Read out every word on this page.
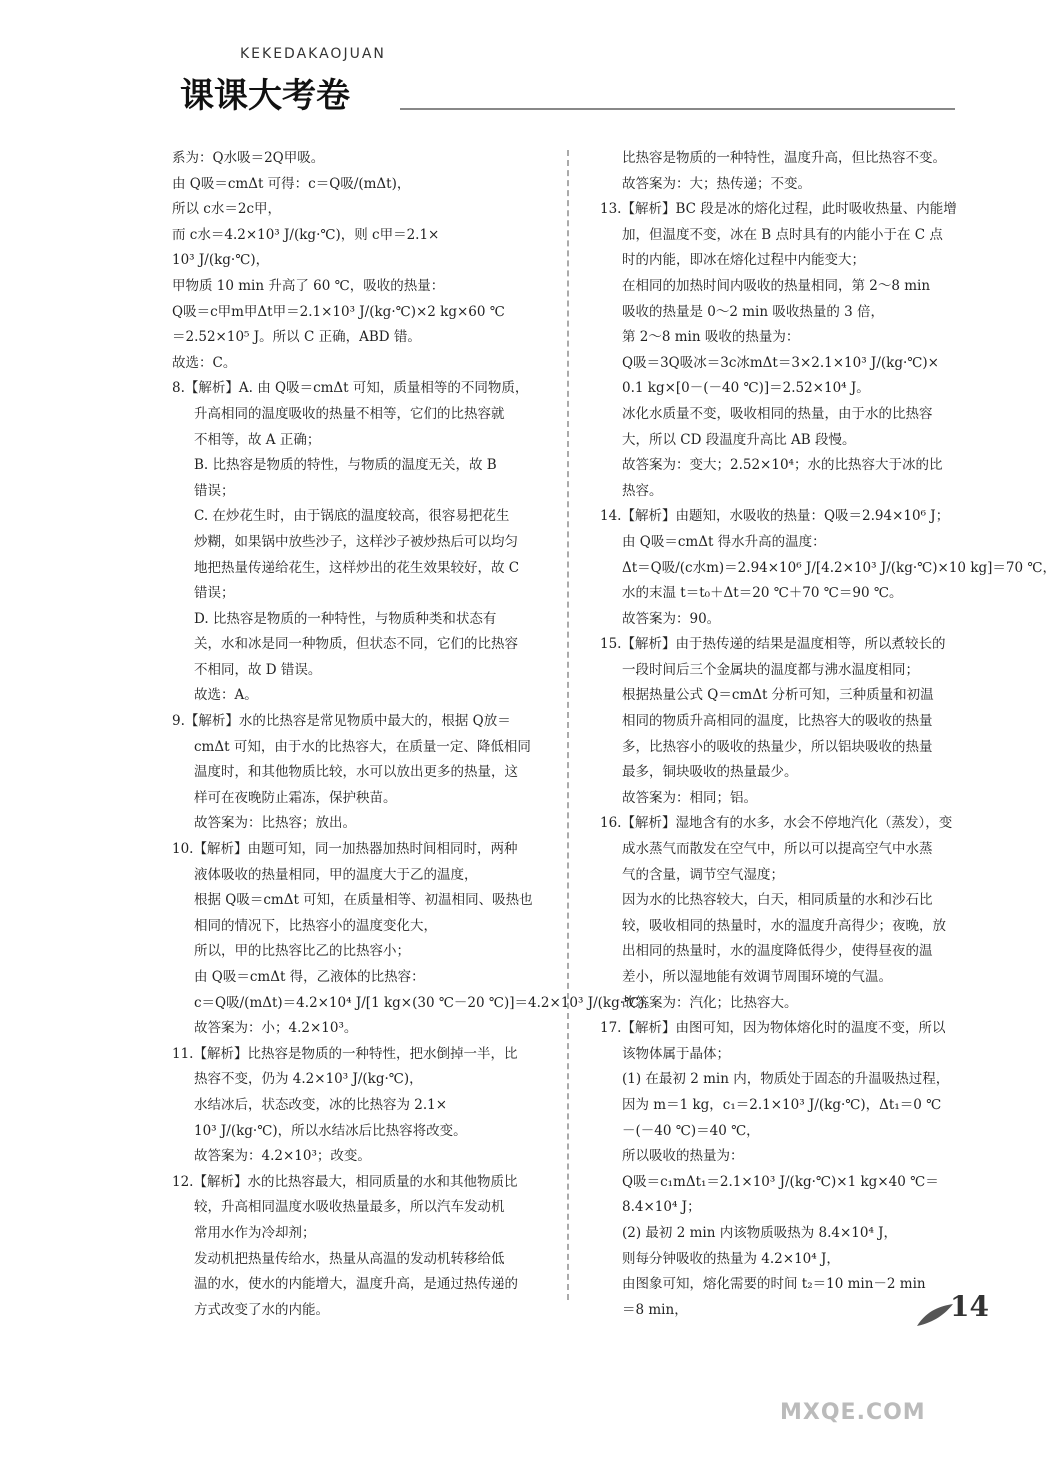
KEKEDAKAOJUAN
课课大考卷
系为：Q水吸＝2Q甲吸。
由 Q吸＝cmΔt 可得：c＝Q吸/(mΔt)，
所以 c水＝2c甲，
而 c水＝4.2×10³ J/(kg·℃)，则 c甲＝2.1×
10³ J/(kg·℃)，
甲物质 10 min 升高了 60 ℃，吸收的热量：
Q吸＝c甲m甲Δt甲＝2.1×10³ J/(kg·℃)×2 kg×60 ℃
＝2.52×10⁵ J。所以 C 正确，ABD 错。
故选：C。
8.【解析】A. 由 Q吸＝cmΔt 可知，质量相等的不同物质，
升高相同的温度吸收的热量不相等，它们的比热容就
不相等，故 A 正确；
B. 比热容是物质的特性，与物质的温度无关，故 B
错误；
C. 在炒花生时，由于锅底的温度较高，很容易把花生
炒糊，如果锅中放些沙子，这样沙子被炒热后可以均匀
地把热量传递给花生，这样炒出的花生效果较好，故 C
错误；
D. 比热容是物质的一种特性，与物质种类和状态有
关，水和冰是同一种物质，但状态不同，它们的比热容
不相同，故 D 错误。
故选：A。
9.【解析】水的比热容是常见物质中最大的，根据 Q放＝
cmΔt 可知，由于水的比热容大，在质量一定、降低相同
温度时，和其他物质比较，水可以放出更多的热量，这
样可在夜晚防止霜冻，保护秧苗。
故答案为：比热容；放出。
10.【解析】由题可知，同一加热器加热时间相同时，两种
液体吸收的热量相同，甲的温度大于乙的温度，
根据 Q吸＝cmΔt 可知，在质量相等、初温相同、吸热也
相同的情况下，比热容小的温度变化大，
所以，甲的比热容比乙的比热容小；
由 Q吸＝cmΔt 得，乙液体的比热容：
c＝Q吸/(mΔt)＝4.2×10⁴ J/[1 kg×(30 ℃－20 ℃)]＝4.2×10³ J/(kg·℃)。
故答案为：小；4.2×10³。
11.【解析】比热容是物质的一种特性，把水倒掉一半，比
热容不变，仍为 4.2×10³ J/(kg·℃)，
水结冰后，状态改变，冰的比热容为 2.1×
10³ J/(kg·℃)，所以水结冰后比热容将改变。
故答案为：4.2×10³；改变。
12.【解析】水的比热容最大，相同质量的水和其他物质比
较，升高相同温度水吸收热量最多，所以汽车发动机
常用水作为冷却剂；
发动机把热量传给水，热量从高温的发动机转移给低
温的水，使水的内能增大，温度升高，是通过热传递的
方式改变了水的内能。
比热容是物质的一种特性，温度升高，但比热容不变。
故答案为：大；热传递；不变。
13.【解析】BC 段是冰的熔化过程，此时吸收热量、内能增
加，但温度不变，冰在 B 点时具有的内能小于在 C 点
时的内能，即冰在熔化过程中内能变大；
在相同的加热时间内吸收的热量相同，第 2～8 min
吸收的热量是 0～2 min 吸收热量的 3 倍，
第 2～8 min 吸收的热量为：
Q吸＝3Q吸冰＝3c冰mΔt＝3×2.1×10³ J/(kg·℃)×
0.1 kg×[0－(－40 ℃)]＝2.52×10⁴ J。
冰化水质量不变，吸收相同的热量，由于水的比热容
大，所以 CD 段温度升高比 AB 段慢。
故答案为：变大；2.52×10⁴；水的比热容大于冰的比
热容。
14.【解析】由题知，水吸收的热量：Q吸＝2.94×10⁶ J；
由 Q吸＝cmΔt 得水升高的温度：
Δt＝Q吸/(c水m)＝2.94×10⁶ J/[4.2×10³ J/(kg·℃)×10 kg]＝70 ℃，
水的末温 t＝t₀＋Δt＝20 ℃＋70 ℃＝90 ℃。
故答案为：90。
15.【解析】由于热传递的结果是温度相等，所以煮较长的
一段时间后三个金属块的温度都与沸水温度相同；
根据热量公式 Q＝cmΔt 分析可知，三种质量和初温
相同的物质升高相同的温度，比热容大的吸收的热量
多，比热容小的吸收的热量少，所以铝块吸收的热量
最多，铜块吸收的热量最少。
故答案为：相同；铝。
16.【解析】湿地含有的水多，水会不停地汽化（蒸发），变
成水蒸气而散发在空气中，所以可以提高空气中水蒸
气的含量，调节空气湿度；
因为水的比热容较大，白天，相同质量的水和沙石比
较，吸收相同的热量时，水的温度升高得少；夜晚，放
出相同的热量时，水的温度降低得少，使得昼夜的温
差小，所以湿地能有效调节周围环境的气温。
故答案为：汽化；比热容大。
17.【解析】由图可知，因为物体熔化时的温度不变，所以
该物体属于晶体；
(1) 在最初 2 min 内，物质处于固态的升温吸热过程，
因为 m＝1 kg，c₁＝2.1×10³ J/(kg·℃)，Δt₁＝0 ℃
－(－40 ℃)＝40 ℃，
所以吸收的热量为：
Q吸＝c₁mΔt₁＝2.1×10³ J/(kg·℃)×1 kg×40 ℃＝
8.4×10⁴ J；
(2) 最初 2 min 内该物质吸热为 8.4×10⁴ J，
则每分钟吸收的热量为 4.2×10⁴ J，
由图象可知，熔化需要的时间 t₂＝10 min－2 min
＝8 min，	14
MXQE.COM
